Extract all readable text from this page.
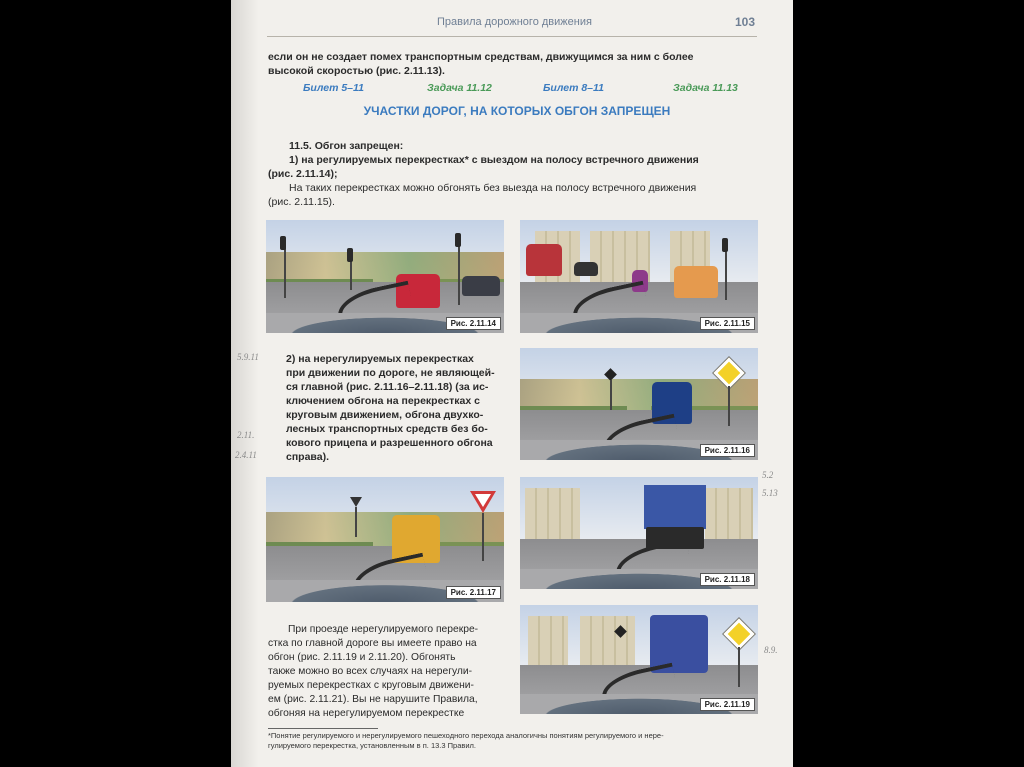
Правила дорожного движения	103
если он не создает помех транспортным средствам, движущимся за ним с более
высокой скоростью (рис. 2.11.13).
Билет 5–11	Задача 11.12	Билет 8–11	Задача 11.13
УЧАСТКИ ДОРОГ, НА КОТОРЫХ ОБГОН ЗАПРЕЩЕН
11.5. Обгон запрещен:
1) на регулируемых перекрестках* с выездом на полосу встречного движения
(рис. 2.11.14);
На таких перекрестках можно обгонять без выезда на полосу встречного движения
(рис. 2.11.15).
Рис. 2.11.14	Рис. 2.11.15
2) на нерегулируемых перекрестках
при движении по дороге, не являющей-
ся главной (рис. 2.11.16–2.11.18) (за ис-
ключением обгона на перекрестках с
круговым движением, обгона двухко-
лесных транспортных средств без бо-
кового прицепа и разрешенного обгона
справа).
Рис. 2.11.16
Рис. 2.11.17
Рис. 2.11.18
Рис. 2.11.19
При проезде нерегулируемого перекре-
стка по главной дороге вы имеете право на
обгон (рис. 2.11.19 и 2.11.20). Обгонять
также можно во всех случаях на нерегули-
руемых перекрестках с круговым движени-
ем (рис. 2.11.21). Вы не нарушите Правила,
обгоняя на нерегулируемом перекрестке
5.9.11
2.11.
2.4.11
5.2
5.13
8.9.
*Понятие регулируемого и нерегулируемого пешеходного перехода аналогичны понятиям регулируемого и нере-
гулируемого перекрестка, установленным в п. 13.3 Правил.
